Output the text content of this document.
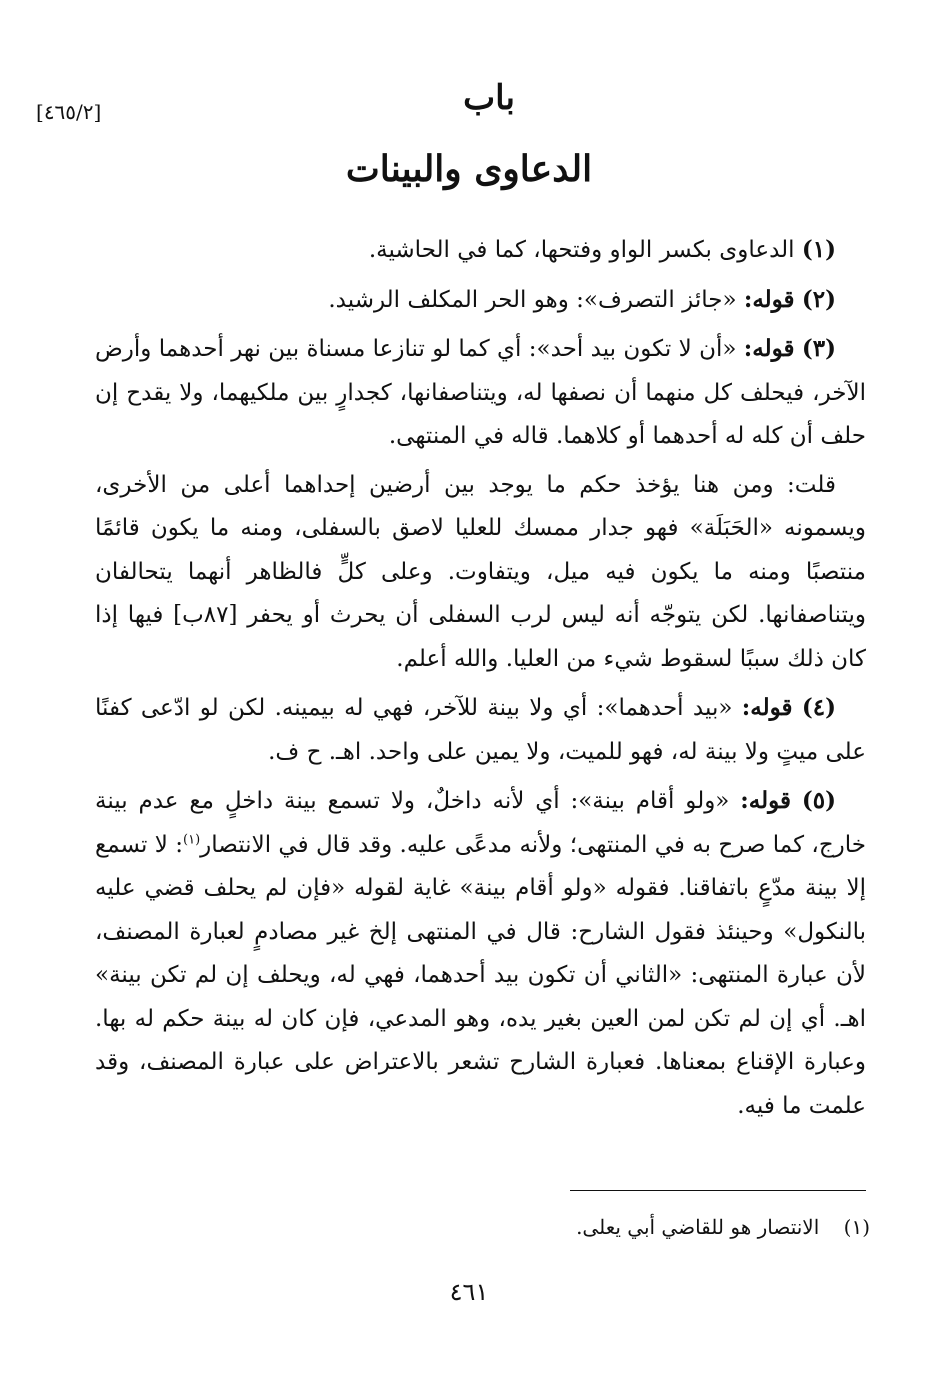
[٤٦٥/٢]	باب
الدعاوى والبينات

(١) الدعاوى بكسر الواو وفتحها، كما في الحاشية.

(٢) قوله: «جائز التصرف»: وهو الحر المكلف الرشيد.

(٣) قوله: «أن لا تكون بيد أحد»: أي كما لو تنازعا مسناة بين نهر أحدهما وأرض الآخر، فيحلف كل منهما أن نصفها له، ويتناصفانها، كجدارٍ بين ملكيهما، ولا يقدح إن حلف أن كله له أحدهما أو كلاهما. قاله في المنتهى.

قلت: ومن هنا يؤخذ حكم ما يوجد بين أرضين إحداهما أعلى من الأخرى، ويسمونه «الحَبَلَة» فهو جدار ممسك للعليا لاصق بالسفلى، ومنه ما يكون قائمًا منتصبًا ومنه ما يكون فيه ميل، ويتفاوت. وعلى كلٍّ فالظاهر أنهما يتحالفان ويتناصفانها. لكن يتوجّه أنه ليس لرب السفلى أن يحرث أو يحفر [٨٧ب] فيها إذا كان ذلك سببًا لسقوط شيء من العليا. والله أعلم.

(٤) قوله: «بيد أحدهما»: أي ولا بينة للآخر، فهي له بيمينه. لكن لو ادّعى كفنًا على ميتٍ ولا بينة له، فهو للميت، ولا يمين على واحد. اهـ. ح ف.

(٥) قوله: «ولو أقام بينة»: أي لأنه داخلٌ، ولا تسمع بينة داخلٍ مع عدم بينة خارج، كما صرح به في المنتهى؛ ولأنه مدعًى عليه. وقد قال في الانتصار$^{(١)}$: لا تسمع إلا بينة مدّعٍ باتفاقنا. فقوله «ولو أقام بينة» غاية لقوله «فإن لم يحلف قضي عليه بالنكول» وحينئذ فقول الشارح: قال في المنتهى إلخ غير مصادمٍ لعبارة المصنف، لأن عبارة المنتهى: «الثاني أن تكون بيد أحدهما، فهي له، ويحلف إن لم تكن بينة» اهـ. أي إن لم تكن لمن العين بغير يده، وهو المدعي، فإن كان له بينة حكم له بها. وعبارة الإقناع بمعناها. فعبارة الشارح تشعر بالاعتراض على عبارة المصنف، وقد علمت ما فيه.

(١) الانتصار هو للقاضي أبي يعلى.
٤٦١
